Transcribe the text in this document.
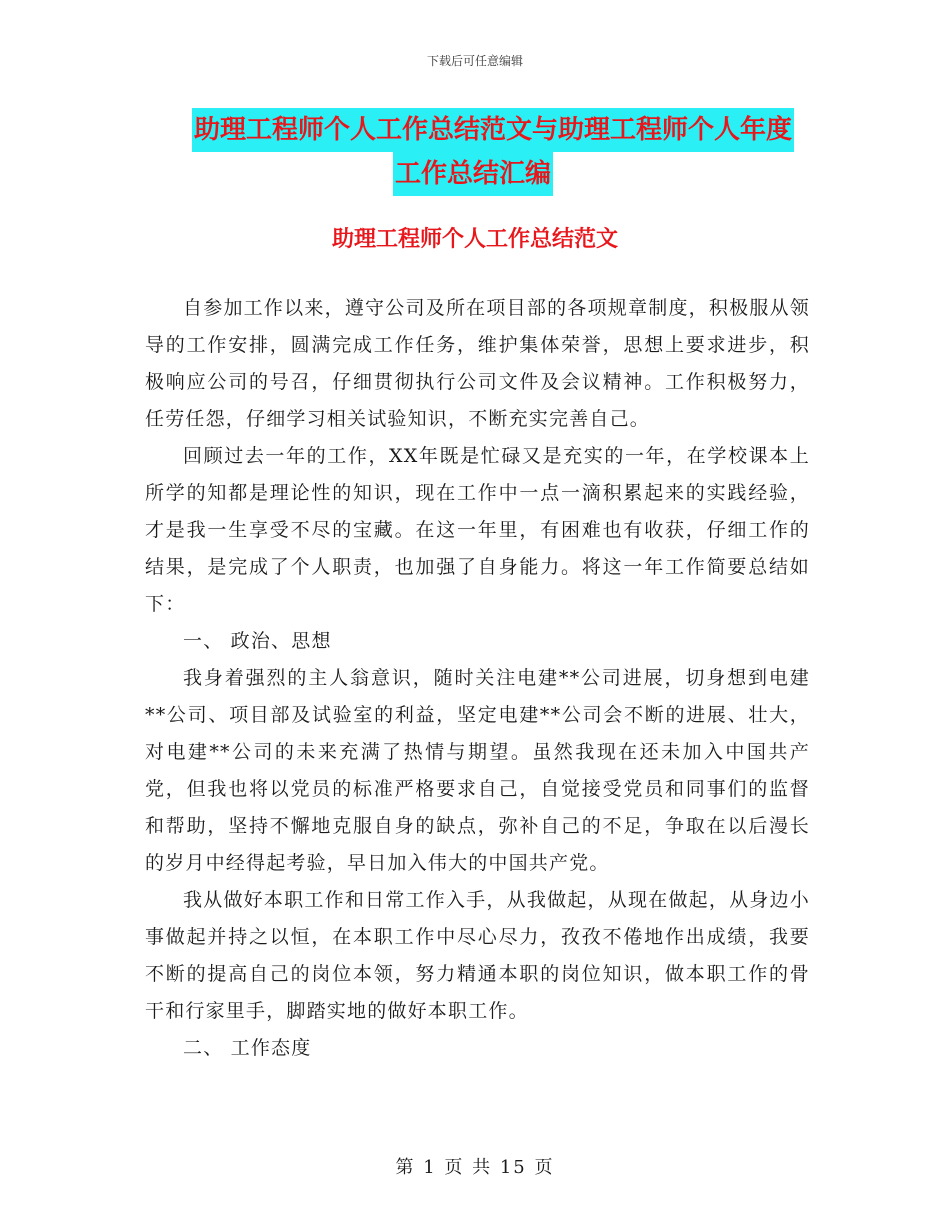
下载后可任意编辑
助理工程师个人工作总结范文与助理工程师个人年度
工作总结汇编
助理工程师个人工作总结范文

自参加工作以来，遵守公司及所在项目部的各项规章制度，积极服从领导的工作安排，圆满完成工作任务，维护集体荣誉，思想上要求进步，积极响应公司的号召，仔细贯彻执行公司文件及会议精神。工作积极努力，任劳任怨，仔细学习相关试验知识，不断充实完善自己。

回顾过去一年的工作，XX年既是忙碌又是充实的一年，在学校课本上所学的知都是理论性的知识，现在工作中一点一滴积累起来的实践经验，才是我一生享受不尽的宝藏。在这一年里，有困难也有收获，仔细工作的结果，是完成了个人职责，也加强了自身能力。将这一年工作简要总结如下：

一、 政治、思想

我身着强烈的主人翁意识，随时关注电建**公司进展，切身想到电建**公司、项目部及试验室的利益，坚定电建**公司会不断的进展、壮大，对电建**公司的未来充满了热情与期望。虽然我现在还未加入中国共产党，但我也将以党员的标准严格要求自己，自觉接受党员和同事们的监督和帮助，坚持不懈地克服自身的缺点，弥补自己的不足，争取在以后漫长的岁月中经得起考验，早日加入伟大的中国共产党。

我从做好本职工作和日常工作入手，从我做起，从现在做起，从身边小事做起并持之以恒，在本职工作中尽心尽力，孜孜不倦地作出成绩，我要不断的提高自己的岗位本领，努力精通本职的岗位知识，做本职工作的骨干和行家里手，脚踏实地的做好本职工作。

二、 工作态度

第 1 页 共 15 页
